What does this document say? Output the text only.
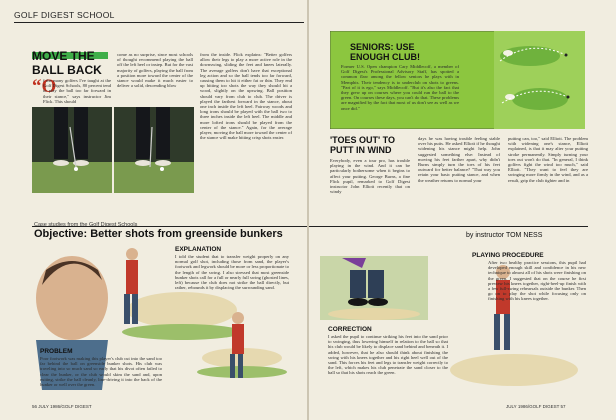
GOLF DIGEST SCHOOL
MOVE THE
BALL BACK
“O
f the many golfers I've taught at the Golf Digest Schools, 80 percent tend to play the ball too far forward in their stance," says instructor Jim Flick. This should
come as no surprise, since most schools of thought recommend playing the ball off the left heel or instep. But for the vast majority of golfers, playing the ball from a position more toward the center of the stance would make it much easier to deliver a solid, descending blow
from the inside. Flick explains: "Better golfers allow their legs to play a more active role in the downswing, sliding the feet and knees laterally. The average golfers don't have that exceptional leg action and so the ball tends too far forward, causing them to hit it either fat or thin. They end up hitting too shots the way they should hit a wood, slightly on the upswing. Ball position should vary from club to club. The driver is played the farthest forward in the stance, about one inch inside the left heel. Fairway woods and long irons should be played with the ball two to three inches inside the left heel. The middle and more lofted irons should be played from the center of the stance." Again, for the average player, moving the ball more toward the center of the stance will make hitting crisp shots easier.
SENIORS: USE
ENOUGH CLUB!
Former U.S. Open champion Cary Middlecoff, a member of Golf Digest's Professional Advisory Staff, has spotted a common flaw among the fellow seniors he plays with in Memphis. Their tendency is to underclub on shots to greens. "Part of it is ego," says Middlecoff. "But it's also the fact that they grew up on courses where you could run the ball to the green. On courses these days, you can't do that. These problems are magnified by the fact that most of us don't see as well as we once did."
'TOES OUT' TO
PUTT IN WIND
Everybody, even a tour pro, has trouble playing in the wind. And it can be particularly bothersome when it begins to affect your putting. George Burns, a fine Flick pupil, remarked to Golf Digest instructor John Elliott recently that on windy
days he was having trouble feeling stable over his putts. He asked Elliott if he thought widening his stance might help. John suggested something else: Instead of moving his feet farther apart, why didn't Burns simply turn the toes of his feet outward for better balance? "That way you retain your basic putting stance, and when the weather returns to normal your
putting can, too," said Elliott. The problem with widening one's stance, Elliott explained, is that it may alter your putting stroke permanently. Simply turning your toes out won't do that. "In general, I think golfers fight the wind too much," said Elliott. "They want to feel they are swinging more firmly in the wind, and as a result, grip the club tighter and in
Case studies from the Golf Digest Schools
Objective: Better shots from greenside bunkers	by instructor TOM NESS
EXPLANATION
I told the student that to transfer weight properly on any normal golf shot, including those from sand, the player's footwork and legwork should be more or less proportionate to the length of the swing. I also stressed that most greenside bunker shots call for a full or nearly full swing (ghosted lines, left) because the club does not strike the ball directly, but rather, rebounds it by displacing the surrounding sand.
PROBLEM
Poor footwork was making this player's club cut into the sand too far behind the ball on greenside bunker shots. His club was traveling into so much sand so early that his divot often failed to clear the bunker, or the club would skim the sand and, upon exiting, strike the ball cleanly, line-driving it into the back of the bunker or well over the green.
CORRECTION
I asked the pupil to continue striking his feet into the sand prior to swinging, thus lowering himself in relation to the ball so that his club would be likely to displace sand behind and beneath it. I added, however, that he also should think about finishing the swing with his knees together and his right heel well out of the sand. This forces his feet and legs to transfer weight correctly to the left, which makes his club penetrate the sand closer to the ball so that his shots reach the green.
PLAYING PROCEDURE
After two healthy practice sessions, this pupil had developed enough skill and confidence in his new technique to almost all of his shots were finishing on the green. I suggested that on the course he first preview his knees together, right-heel-up finish with a few full-swing rehearsals outside the bunker. Then go on to play the shot while focusing only on finishing with his knees together.
56 JULY 1986/GOLF DIGEST	JULY 1986/GOLF DIGEST 57
